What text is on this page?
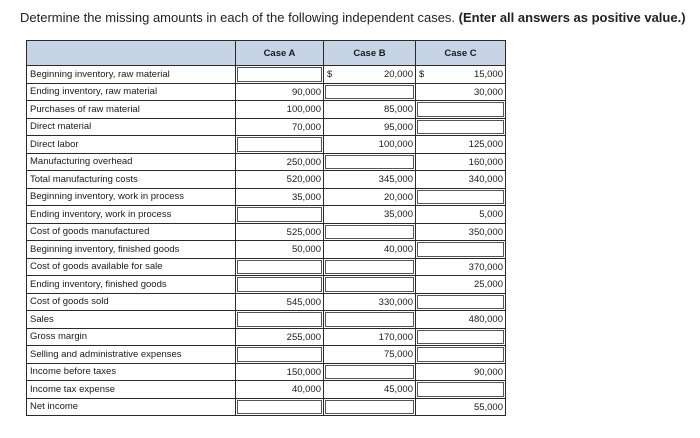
Determine the missing amounts in each of the following independent cases. (Enter all answers as positive value.)
	Case A	Case B	Case C
Beginning inventory, raw material		$ 20,000	$ 15,000

Ending inventory, raw material	90,000		30,000

Purchases of raw material	100,000	85,000	

Direct material	70,000	95,000	

Direct labor		100,000	125,000

Manufacturing overhead	250,000		160,000

Total manufacturing costs	520,000	345,000	340,000

Beginning inventory, work in process	35,000	20,000	

Ending inventory, work in process		35,000	5,000

Cost of goods manufactured	525,000		350,000

Beginning inventory, finished goods	50,000	40,000	

Cost of goods available for sale			370,000

Ending inventory, finished goods			25,000

Cost of goods sold	545,000	330,000	

Sales			480,000

Gross margin	255,000	170,000	

Selling and administrative expenses		75,000	

Income before taxes	150,000		90,000

Income tax expense	40,000	45,000	

Net income			55,000
